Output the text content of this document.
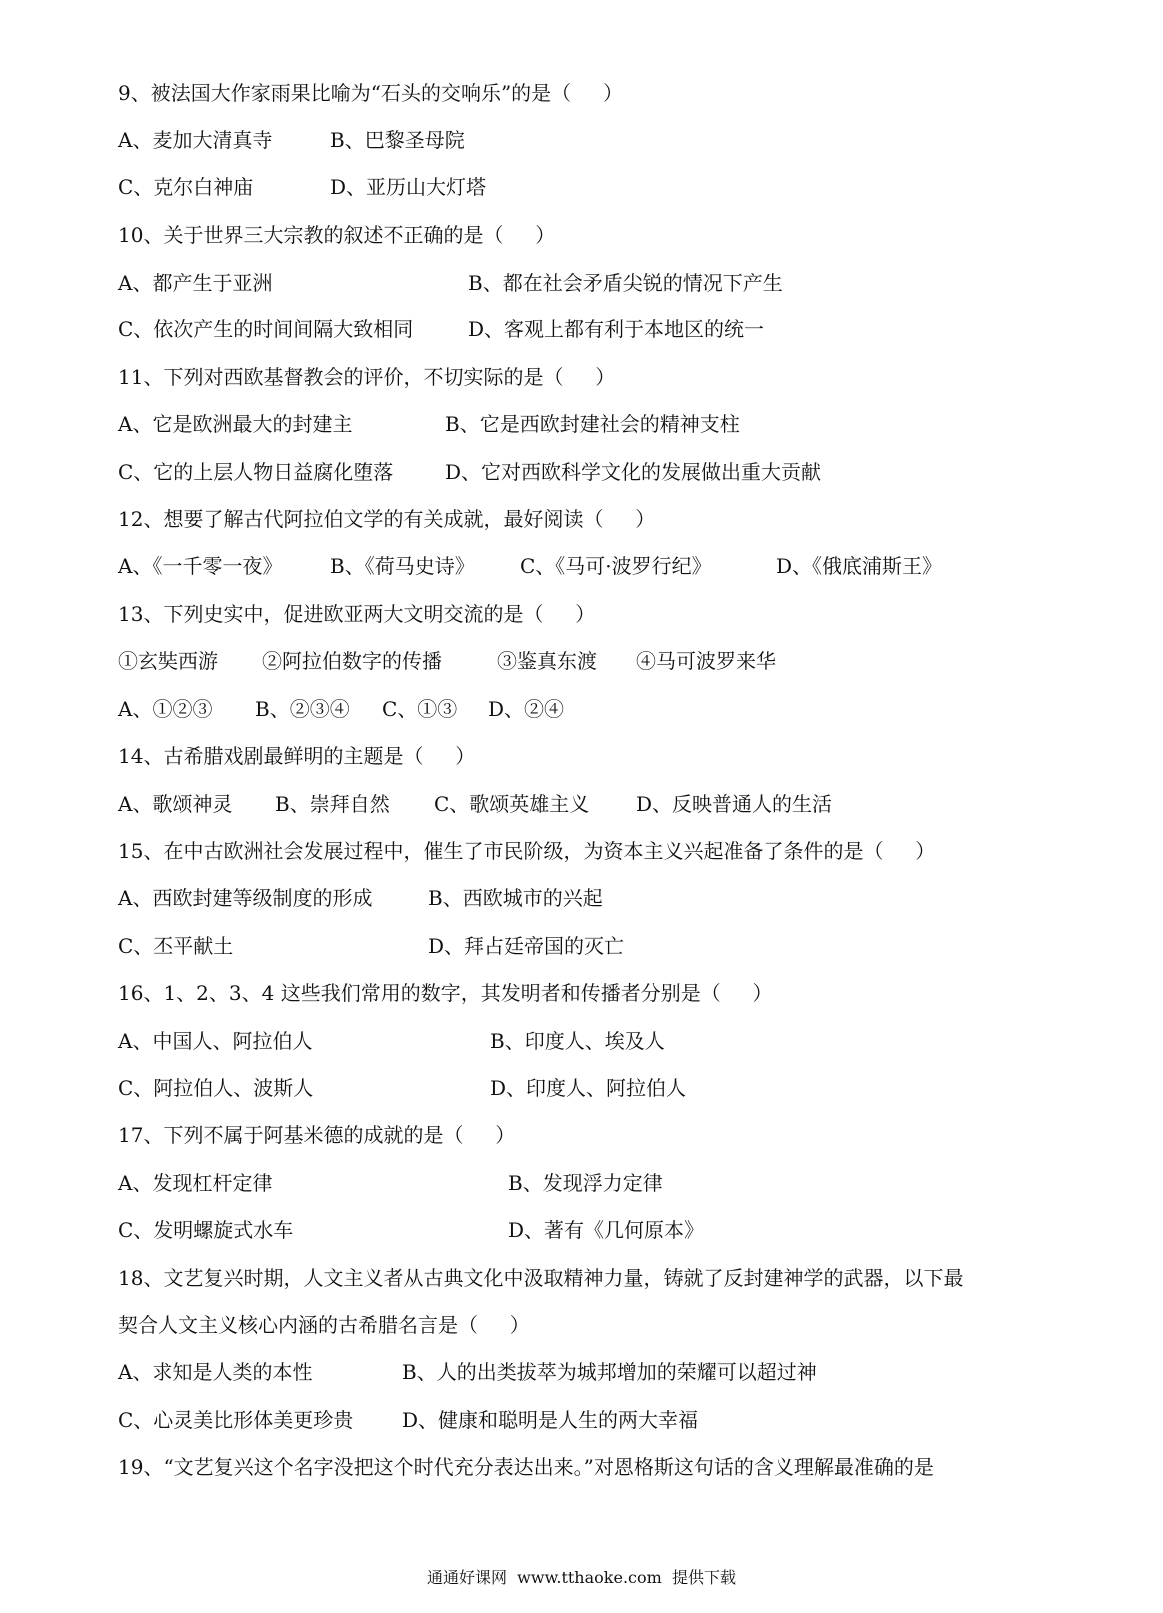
9、被法国大作家雨果比喻为“石头的交响乐”的是（     ）
A、麦加大清真寺	B、巴黎圣母院
C、克尔白神庙	D、亚历山大灯塔
10、关于世界三大宗教的叙述不正确的是（     ）
A、都产生于亚洲	B、都在社会矛盾尖锐的情况下产生
C、依次产生的时间间隔大致相同	D、客观上都有利于本地区的统一
11、下列对西欧基督教会的评价，不切实际的是（     ）
A、它是欧洲最大的封建主	B、它是西欧封建社会的精神支柱
C、它的上层人物日益腐化堕落	D、它对西欧科学文化的发展做出重大贡献
12、想要了解古代阿拉伯文学的有关成就，最好阅读（     ）
A、《一千零一夜》 B、《荷马史诗》 C、《马可·波罗行纪》	D、《俄底浦斯王》
13、下列史实中，促进欧亚两大文明交流的是（     ）
①玄奘西游 ②阿拉伯数字的传播	③鉴真东渡 ④马可波罗来华
A、①②③ B、②③④ C、①③ D、②④
14、古希腊戏剧最鲜明的主题是（     ）
A、歌颂神灵 B、崇拜自然 C、歌颂英雄主义 D、反映普通人的生活
15、在中古欧洲社会发展过程中，催生了市民阶级，为资本主义兴起准备了条件的是（     ）
A、西欧封建等级制度的形成	B、西欧城市的兴起
C、丕平献土	D、拜占廷帝国的灭亡
16、1、2、3、4 这些我们常用的数字，其发明者和传播者分别是（     ）
A、中国人、阿拉伯人	B、印度人、埃及人
C、阿拉伯人、波斯人	D、印度人、阿拉伯人
17、下列不属于阿基米德的成就的是（     ）
A、发现杠杆定律	B、发现浮力定律
C、发明螺旋式水车	D、著有《几何原本》
18、文艺复兴时期，人文主义者从古典文化中汲取精神力量，铸就了反封建神学的武器，以下最
契合人文主义核心内涵的古希腊名言是（     ）
A、求知是人类的本性	B、人的出类拔萃为城邦增加的荣耀可以超过神
C、心灵美比形体美更珍贵 D、健康和聪明是人生的两大幸福
19、“文艺复兴这个名字没把这个时代充分表达出来。”对恩格斯这句话的含义理解最准确的是
通通好课网  www.tthaoke.com  提供下载
